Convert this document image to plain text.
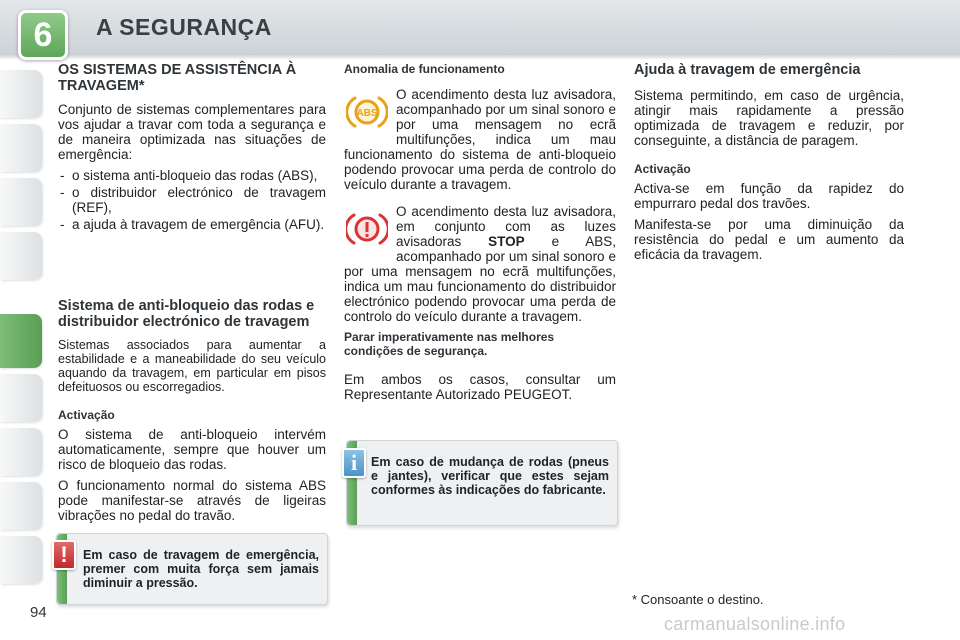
6	A SEGURANÇA
OS SISTEMAS DE ASSISTÊNCIA À TRAVAGEM*

Conjunto de sistemas complementares para vos ajudar a travar com toda a segurança e de maneira optimizada nas situações de emergência:

- o sistema anti-bloqueio das rodas (ABS),
- o distribuidor electrónico de travagem (REF),
- a ajuda à travagem de emergência (AFU).
Sistema de anti-bloqueio das rodas e distribuidor electrónico de travagem

Sistemas associados para aumentar a estabilidade e a maneabilidade do seu veículo aquando da travagem, em particular em pisos defeituosos ou escorregadios.

Activação

O sistema de anti-bloqueio intervém automaticamente, sempre que houver um risco de bloqueio das rodas.

O funcionamento normal do sistema ABS pode manifestar-se através de ligeiras vibrações no pedal do travão.

Em caso de travagem de emergência, premer com muita força sem jamais diminuir a pressão.
!
Anomalia de funcionamento
ABS

O acendimento desta luz avisadora, acompanhado por um sinal sonoro e por uma mensagem no ecrã multifunções, indica um mau funcionamento do sistema de anti-bloqueio podendo provocar uma perda de controlo do veículo durante a travagem.

O acendimento desta luz avisadora, em conjunto com as luzes avisadoras STOP e ABS, acompanhado por um sinal sonoro e por uma mensagem no ecrã multifunções, indica um mau funcionamento do distribuidor electrónico podendo provocar uma perda de controlo do veículo durante a travagem.

Parar imperativamente nas melhores condições de segurança.

Em ambos os casos, consultar um Representante Autorizado PEUGEOT.

Em caso de mudança de rodas (pneus e jantes), verificar que estes sejam conformes às indicações do fabricante.
i
Ajuda à travagem de emergência

Sistema permitindo, em caso de urgência, atingir mais rapidamente a pressão optimizada de travagem e reduzir, por conseguinte, a distância de paragem.

Activação

Activa-se em função da rapidez do empurraro pedal dos travões.

Manifesta-se por uma diminuição da resistência do pedal e um aumento da eficácia da travagem.

* Consoante o destino.
94
carmanualsonline.info
